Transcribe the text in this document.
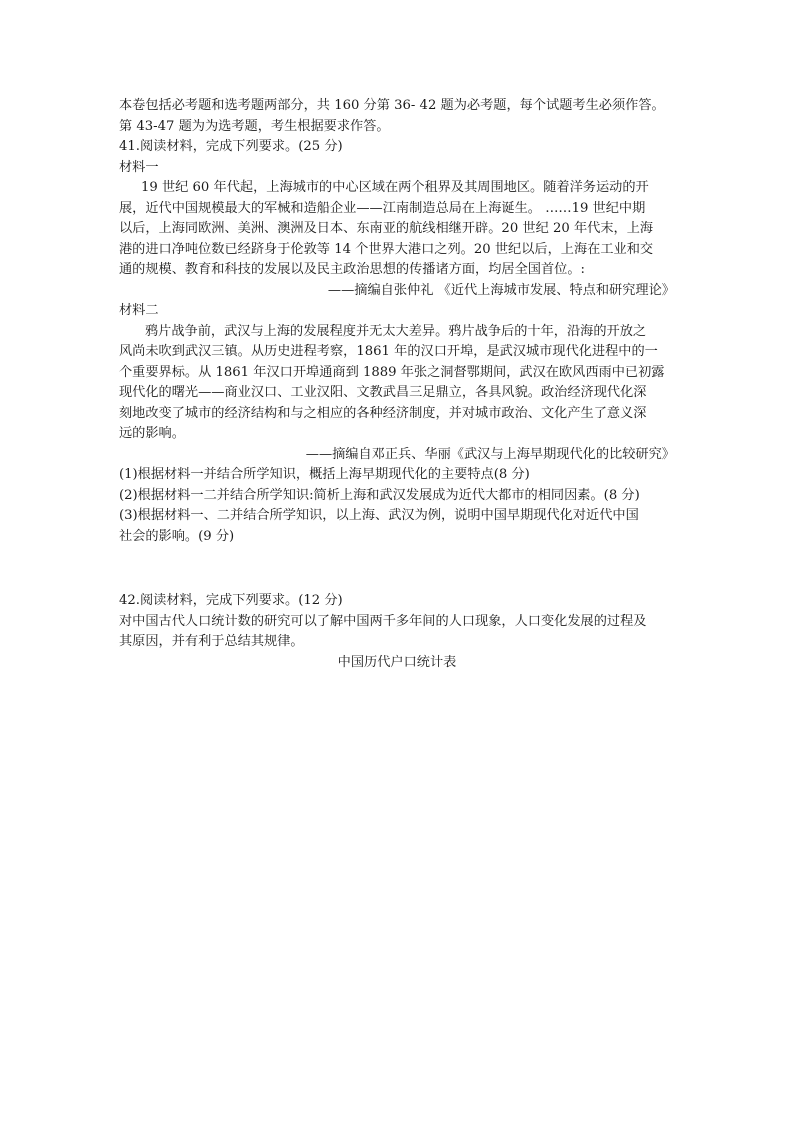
本卷包括必考题和选考题两部分，共 160 分第 36- 42 题为必考题，每个试题考生必须作答。
第 43-47 题为为选考题，考生根据要求作答。
41.阅读材料，完成下列要求。(25 分)
材料一
19 世纪 60 年代起，上海城市的中心区域在两个租界及其周围地区。随着洋务运动的开
展，近代中国规模最大的军械和造船企业——江南制造总局在上海诞生。 ……19 世纪中期
以后，上海同欧洲、美洲、澳洲及日本、东南亚的航线相继开辟。20 世纪 20 年代末，上海
港的进口净吨位数已经跻身于伦敦等 14 个世界大港口之列。20 世纪以后，上海在工业和交
通的规模、教育和科技的发展以及民主政治思想的传播诸方面，均居全国首位。:
——摘编自张仲礼 《近代上海城市发展、特点和研究理论》
材料二
鸦片战争前，武汉与上海的发展程度并无太大差异。鸦片战争后的十年，沿海的开放之
风尚未吹到武汉三镇。从历史进程考察，1861 年的汉口开埠，是武汉城市现代化进程中的一
个重要界标。从 1861 年汉口开埠通商到 1889 年张之洞督鄂期间，武汉在欧风西雨中已初露
现代化的曙光——商业汉口、工业汉阳、文教武昌三足鼎立，各具风貌。政治经济现代化深
刻地改变了城市的经济结构和与之相应的各种经济制度，并对城市政治、文化产生了意义深
远的影响。
——摘编自邓正兵、华丽《武汉与上海早期现代化的比较研究》
(1)根据材料一并结合所学知识，概括上海早期现代化的主要特点(8 分)
(2)根据材料一二并结合所学知识:简析上海和武汉发展成为近代大都市的相同因素。(8 分)
(3)根据材料一、二并结合所学知识，以上海、武汉为例，说明中国早期现代化对近代中国
社会的影响。(9 分)
42.阅读材料，完成下列要求。(12 分)
对中国古代人口统计数的研究可以了解中国两千多年间的人口现象，人口变化发展的过程及
其原因，并有利于总结其规律。
中国历代户口统计表
